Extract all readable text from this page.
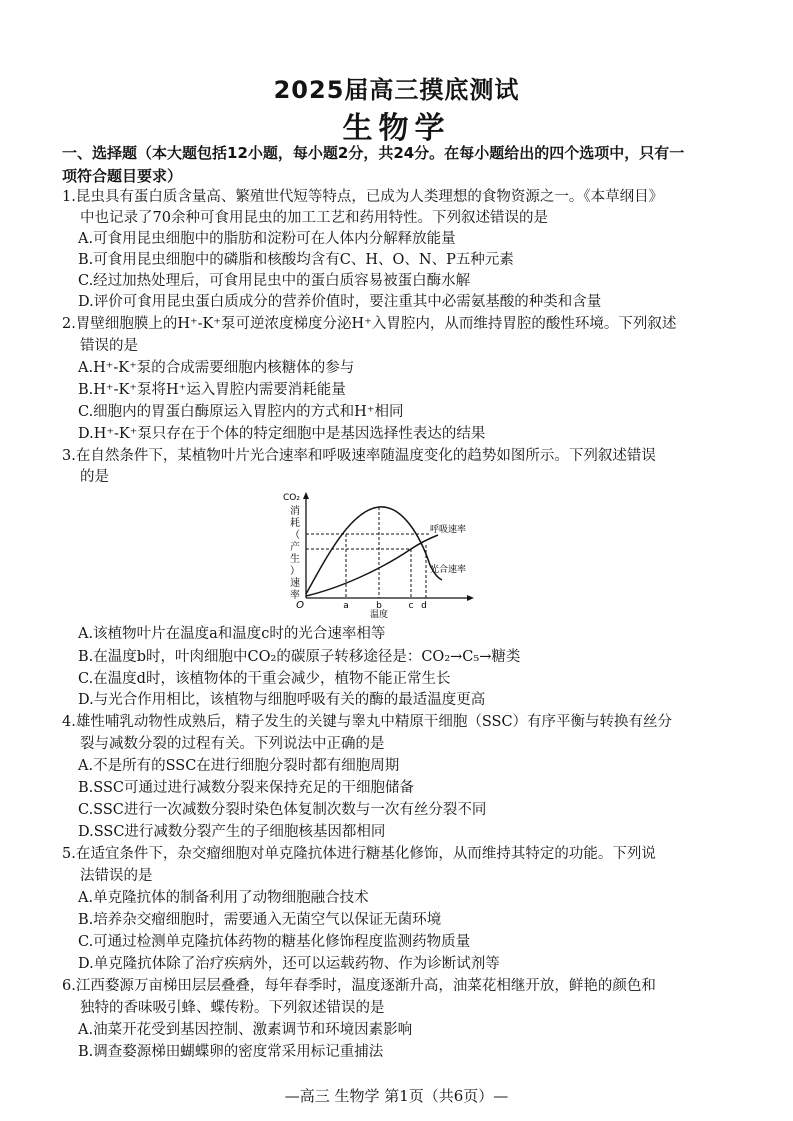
2025届高三摸底测试
生物学
一、选择题（本大题包括12小题，每小题2分，共24分。在每小题给出的四个选项中，只有一
项符合题目要求）
1.昆虫具有蛋白质含量高、繁殖世代短等特点，已成为人类理想的食物资源之一。《本草纲目》
中也记录了70余种可食用昆虫的加工工艺和药用特性。下列叙述错误的是
A.可食用昆虫细胞中的脂肪和淀粉可在人体内分解释放能量
B.可食用昆虫细胞中的磷脂和核酸均含有C、H、O、N、P五种元素
C.经过加热处理后，可食用昆虫中的蛋白质容易被蛋白酶水解
D.评价可食用昆虫蛋白质成分的营养价值时，要注重其中必需氨基酸的种类和含量
2.胃壁细胞膜上的H⁺-K⁺泵可逆浓度梯度分泌H⁺入胃腔内，从而维持胃腔的酸性环境。下列叙述
错误的是
A.H⁺-K⁺泵的合成需要细胞内核糖体的参与
B.H⁺-K⁺泵将H⁺运入胃腔内需要消耗能量
C.细胞内的胃蛋白酶原运入胃腔内的方式和H⁺相同
D.H⁺-K⁺泵只存在于个体的特定细胞中是基因选择性表达的结果
3.在自然条件下，某植物叶片光合速率和呼吸速率随温度变化的趋势如图所示。下列叙述错误
的是
CO₂
消
耗
（
产
生
）
速
率
O	a	b	c d
温度
呼吸速率
光合速率
A.该植物叶片在温度a和温度c时的光合速率相等
B.在温度b时，叶肉细胞中CO₂的碳原子转移途径是：CO₂→C₅→糖类
C.在温度d时，该植物体的干重会减少，植物不能正常生长
D.与光合作用相比，该植物与细胞呼吸有关的酶的最适温度更高
4.雄性哺乳动物性成熟后，精子发生的关键与睾丸中精原干细胞（SSC）有序平衡与转换有丝分
裂与减数分裂的过程有关。下列说法中正确的是
A.不是所有的SSC在进行细胞分裂时都有细胞周期
B.SSC可通过进行减数分裂来保持充足的干细胞储备
C.SSC进行一次减数分裂时染色体复制次数与一次有丝分裂不同
D.SSC进行减数分裂产生的子细胞核基因都相同
5.在适宜条件下，杂交瘤细胞对单克隆抗体进行糖基化修饰，从而维持其特定的功能。下列说
法错误的是
A.单克隆抗体的制备利用了动物细胞融合技术
B.培养杂交瘤细胞时，需要通入无菌空气以保证无菌环境
C.可通过检测单克隆抗体药物的糖基化修饰程度监测药物质量
D.单克隆抗体除了治疗疾病外，还可以运载药物、作为诊断试剂等
6.江西婺源万亩梯田层层叠叠，每年春季时，温度逐渐升高，油菜花相继开放，鲜艳的颜色和
独特的香味吸引蜂、蝶传粉。下列叙述错误的是
A.油菜开花受到基因控制、激素调节和环境因素影响
B.调查婺源梯田蝴蝶卵的密度常采用标记重捕法
—高三 生物学 第1页（共6页）—
